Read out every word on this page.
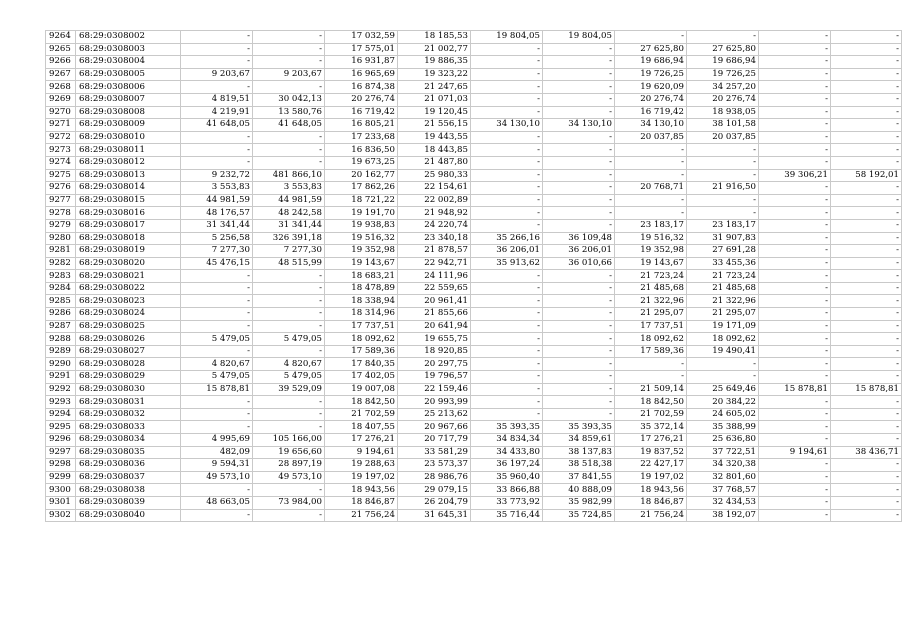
9264	68:29:0308002	-	-	17 032,59	18 185,53	19 804,05	19 804,05	-	-	-	-
9265	68:29:0308003	-	-	17 575,01	21 002,77	-	-	27 625,80	27 625,80	-	-
9266	68:29:0308004	-	-	16 931,87	19 886,35	-	-	19 686,94	19 686,94	-	-
9267	68:29:0308005	9 203,67	9 203,67	16 965,69	19 323,22	-	-	19 726,25	19 726,25	-	-
9268	68:29:0308006	-	-	16 874,38	21 247,65	-	-	19 620,09	34 257,20	-	-
9269	68:29:0308007	4 819,51	30 042,13	20 276,74	21 071,03	-	-	20 276,74	20 276,74	-	-
9270	68:29:0308008	4 219,91	13 580,76	16 719,42	19 120,45	-	-	16 719,42	18 938,05	-	-
9271	68:29:0308009	41 648,05	41 648,05	16 805,21	21 556,15	34 130,10	34 130,10	34 130,10	38 101,58	-	-
9272	68:29:0308010	-	-	17 233,68	19 443,55	-	-	20 037,85	20 037,85	-	-
9273	68:29:0308011	-	-	16 836,50	18 443,85	-	-	-	-	-	-
9274	68:29:0308012	-	-	19 673,25	21 487,80	-	-	-	-	-	-
9275	68:29:0308013	9 232,72	481 866,10	20 162,77	25 980,33	-	-	-	-	39 306,21	58 192,01
9276	68:29:0308014	3 553,83	3 553,83	17 862,26	22 154,61	-	-	20 768,71	21 916,50	-	-
9277	68:29:0308015	44 981,59	44 981,59	18 721,22	22 002,89	-	-	-	-	-	-
9278	68:29:0308016	48 176,57	48 242,58	19 191,70	21 948,92	-	-	-	-	-	-
9279	68:29:0308017	31 341,44	31 341,44	19 938,83	24 220,74	-	-	23 183,17	23 183,17	-	-
9280	68:29:0308018	5 256,58	326 391,18	19 516,32	23 340,18	35 266,16	36 109,48	19 516,32	31 907,83	-	-
9281	68:29:0308019	7 277,30	7 277,30	19 352,98	21 878,57	36 206,01	36 206,01	19 352,98	27 691,28	-	-
9282	68:29:0308020	45 476,15	48 515,99	19 143,67	22 942,71	35 913,62	36 010,66	19 143,67	33 455,36	-	-
9283	68:29:0308021	-	-	18 683,21	24 111,96	-	-	21 723,24	21 723,24	-	-
9284	68:29:0308022	-	-	18 478,89	22 559,65	-	-	21 485,68	21 485,68	-	-
9285	68:29:0308023	-	-	18 338,94	20 961,41	-	-	21 322,96	21 322,96	-	-
9286	68:29:0308024	-	-	18 314,96	21 855,66	-	-	21 295,07	21 295,07	-	-
9287	68:29:0308025	-	-	17 737,51	20 641,94	-	-	17 737,51	19 171,09	-	-
9288	68:29:0308026	5 479,05	5 479,05	18 092,62	19 655,75	-	-	18 092,62	18 092,62	-	-
9289	68:29:0308027	-	-	17 589,36	18 920,85	-	-	17 589,36	19 490,41	-	-
9290	68:29:0308028	4 820,67	4 820,67	17 840,35	20 297,75	-	-	-	-	-	-
9291	68:29:0308029	5 479,05	5 479,05	17 402,05	19 796,57	-	-	-	-	-	-
9292	68:29:0308030	15 878,81	39 529,09	19 007,08	22 159,46	-	-	21 509,14	25 649,46	15 878,81	15 878,81
9293	68:29:0308031	-	-	18 842,50	20 993,99	-	-	18 842,50	20 384,22	-	-
9294	68:29:0308032	-	-	21 702,59	25 213,62	-	-	21 702,59	24 605,02	-	-
9295	68:29:0308033	-	-	18 407,55	20 967,66	35 393,35	35 393,35	35 372,14	35 388,99	-	-
9296	68:29:0308034	4 995,69	105 166,00	17 276,21	20 717,79	34 834,34	34 859,61	17 276,21	25 636,80	-	-
9297	68:29:0308035	482,09	19 656,60	9 194,61	33 581,29	34 433,80	38 137,83	19 837,52	37 722,51	9 194,61	38 436,71
9298	68:29:0308036	9 594,31	28 897,19	19 288,63	23 573,37	36 197,24	38 518,38	22 427,17	34 320,38	-	-
9299	68:29:0308037	49 573,10	49 573,10	19 197,02	28 986,76	35 960,40	37 841,55	19 197,02	32 801,60	-	-
9300	68:29:0308038	-	-	18 943,56	29 079,15	33 866,88	40 888,09	18 943,56	37 768,57	-	-
9301	68:29:0308039	48 663,05	73 984,00	18 846,87	26 204,79	33 773,92	35 982,99	18 846,87	32 434,53	-	-
9302	68:29:0308040	-	-	21 756,24	31 645,31	35 716,44	35 724,85	21 756,24	38 192,07	-	-
